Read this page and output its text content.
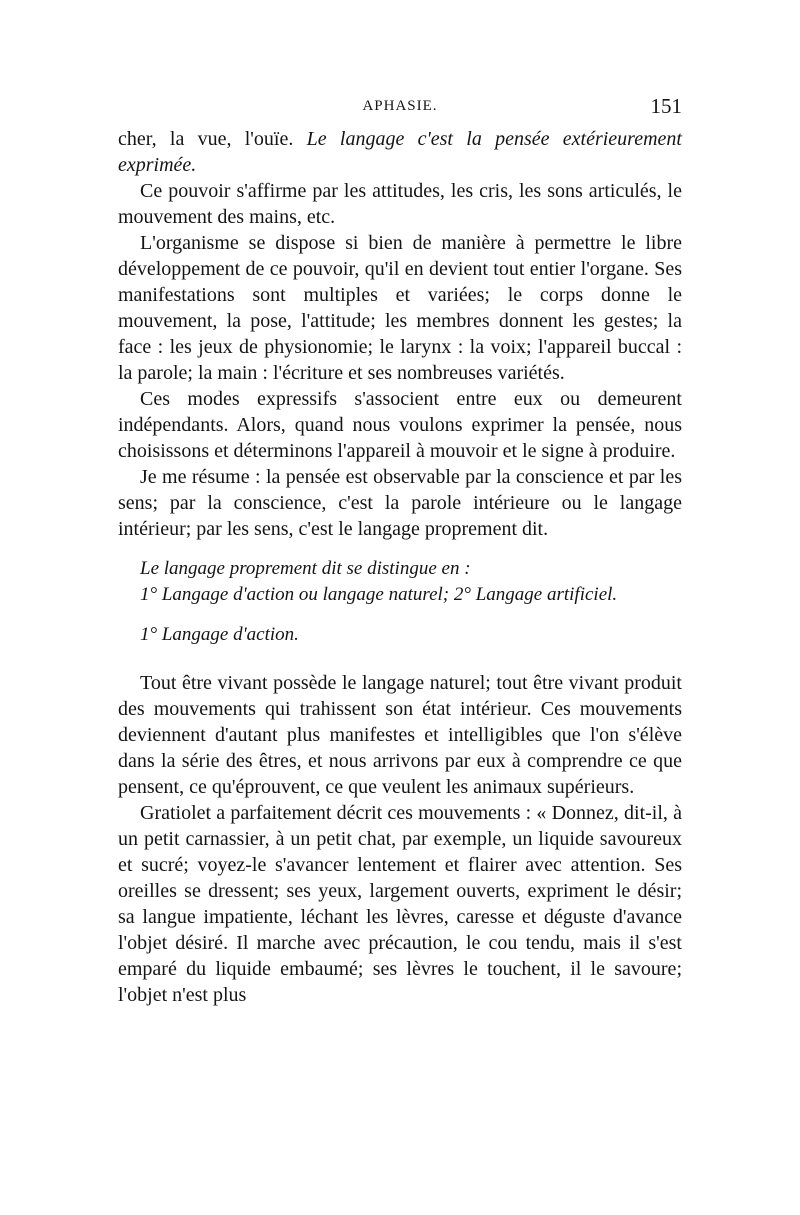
APHASIE.	151

cher, la vue, l'ouïe. Le langage c'est la pensée extérieurement exprimée.

Ce pouvoir s'affirme par les attitudes, les cris, les sons articulés, le mouvement des mains, etc.

L'organisme se dispose si bien de manière à permettre le libre développement de ce pouvoir, qu'il en devient tout entier l'organe. Ses manifestations sont multiples et variées; le corps donne le mouvement, la pose, l'attitude; les membres donnent les gestes; la face : les jeux de physionomie; le larynx : la voix; l'appareil buccal : la parole; la main : l'écriture et ses nombreuses variétés.

Ces modes expressifs s'associent entre eux ou demeurent indépendants. Alors, quand nous voulons exprimer la pensée, nous choisissons et déterminons l'appareil à mouvoir et le signe à produire.

Je me résume : la pensée est observable par la conscience et par les sens; par la conscience, c'est la parole intérieure ou le langage intérieur; par les sens, c'est le langage proprement dit.

Le langage proprement dit se distingue en :

1° Langage d'action ou langage naturel; 2° Langage artificiel.

1° Langage d'action.

Tout être vivant possède le langage naturel; tout être vivant produit des mouvements qui trahissent son état intérieur. Ces mouvements deviennent d'autant plus manifestes et intelligibles que l'on s'élève dans la série des êtres, et nous arrivons par eux à comprendre ce que pensent, ce qu'éprouvent, ce que veulent les animaux supérieurs.

Gratiolet a parfaitement décrit ces mouvements : « Donnez, dit-il, à un petit carnassier, à un petit chat, par exemple, un liquide savoureux et sucré; voyez-le s'avancer lentement et flairer avec attention. Ses oreilles se dressent; ses yeux, largement ouverts, expriment le désir; sa langue impatiente, léchant les lèvres, caresse et déguste d'avance l'objet désiré. Il marche avec précaution, le cou tendu, mais il s'est emparé du liquide embaumé; ses lèvres le touchent, il le savoure; l'objet n'est plus
